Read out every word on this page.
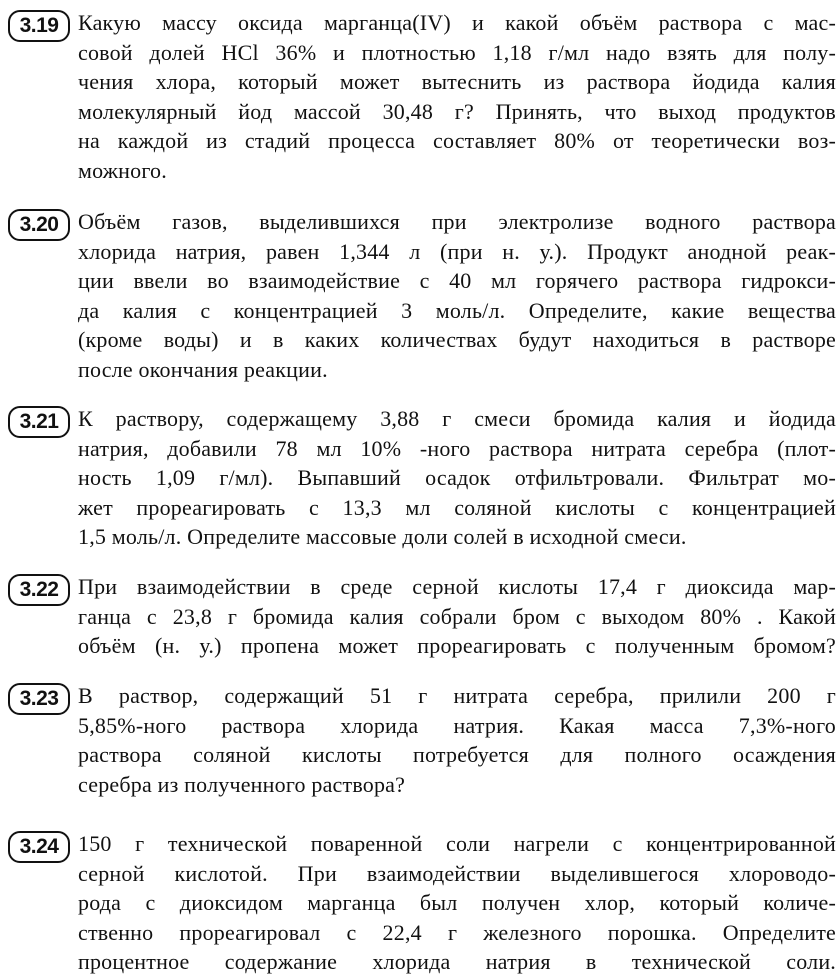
3.19 Какую массу оксида марганца(IV) и какой объём раствора с мас-
совой долей HCl 36% и плотностью 1,18 г/мл надо взять для полу-
чения хлора, который может вытеснить из раствора йодида калия
молекулярный йод массой 30,48 г? Принять, что выход продуктов
на каждой из стадий процесса составляет 80% от теоретически воз-
можного.
3.20 Объём газов, выделившихся при электролизе водного раствора
хлорида натрия, равен 1,344 л (при н. у.). Продукт анодной реак-
ции ввели во взаимодействие с 40 мл горячего раствора гидрокси-
да калия с концентрацией 3 моль/л. Определите, какие вещества
(кроме воды) и в каких количествах будут находиться в растворе
после окончания реакции.
3.21 К раствору, содержащему 3,88 г смеси бромида калия и йодида
натрия, добавили 78 мл 10% -ного раствора нитрата серебра (плот-
ность 1,09 г/мл). Выпавший осадок отфильтровали. Фильтрат мо-
жет прореагировать с 13,3 мл соляной кислоты с концентрацией
1,5 моль/л. Определите массовые доли солей в исходной смеси.
3.22 При взаимодействии в среде серной кислоты 17,4 г диоксида мар-
ганца с 23,8 г бромида калия собрали бром с выходом 80% . Какой
объём (н. у.) пропена может прореагировать с полученным бромом?
3.23 В раствор, содержащий 51 г нитрата серебра, прилили 200 г
5,85%-ного раствора хлорида натрия. Какая масса 7,3%-ного
раствора соляной кислоты потребуется для полного осаждения
серебра из полученного раствора?
3.24 150 г технической поваренной соли нагрели с концентрированной
серной кислотой. При взаимодействии выделившегося хлороводо-
рода с диоксидом марганца был получен хлор, который количе-
ственно прореагировал с 22,4 г железного порошка. Определите
процентное содержание хлорида натрия в технической соли.
